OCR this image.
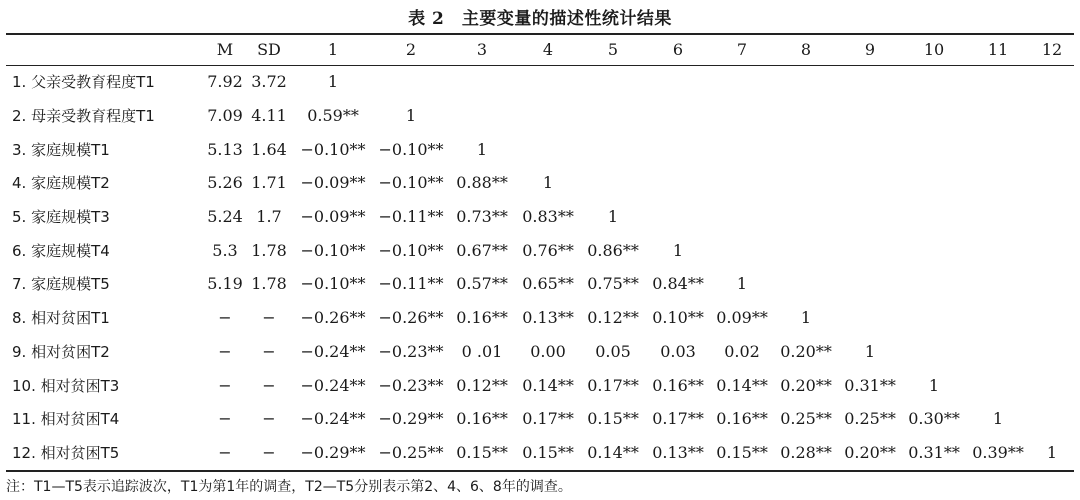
表 2　主要变量的描述性统计结果
	M	SD	1	2	3	4	5	6	7	8	9	10	11	12
1. 父亲受教育程度T1	7.92	3.72	1											
2. 母亲受教育程度T1	7.09	4.11	0.59**	1										
3. 家庭规模T1	5.13	1.64	−0.10**	−0.10**	1									
4. 家庭规模T2	5.26	1.71	−0.09**	−0.10**	0.88**	1								
5. 家庭规模T3	5.24	1.7	−0.09**	−0.11**	0.73**	0.83**	1							
6. 家庭规模T4	5.3	1.78	−0.10**	−0.10**	0.67**	0.76**	0.86**	1						
7. 家庭规模T5	5.19	1.78	−0.10**	−0.11**	0.57**	0.65**	0.75**	0.84**	1					
8. 相对贫困T1	−	−	−0.26**	−0.26**	0.16**	0.13**	0.12**	0.10**	0.09**	1				
9. 相对贫困T2	−	−	−0.24**	−0.23**	0 .01	0.00	0.05	0.03	0.02	0.20**	1			
10. 相对贫困T3	−	−	−0.24**	−0.23**	0.12**	0.14**	0.17**	0.16**	0.14**	0.20**	0.31**	1		
11. 相对贫困T4	−	−	−0.24**	−0.29**	0.16**	0.17**	0.15**	0.17**	0.16**	0.25**	0.25**	0.30**	1	
12. 相对贫困T5	−	−	−0.29**	−0.25**	0.15**	0.15**	0.14**	0.13**	0.15**	0.28**	0.20**	0.31**	0.39**	1
注：T1—T5表示追踪波次，T1为第1年的调查，T2—T5分别表示第2、4、6、8年的调查。
